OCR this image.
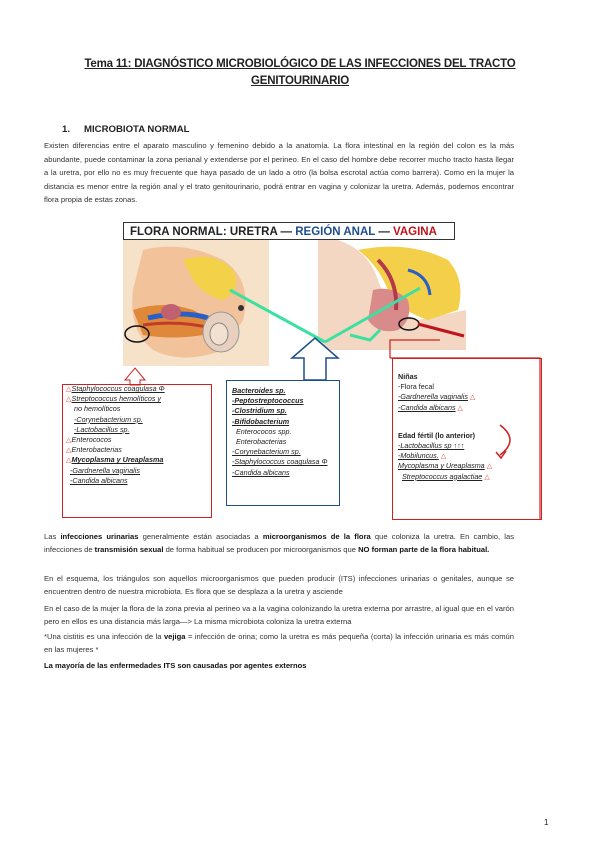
Tema 11: DIAGNÓSTICO MICROBIOLÓGICO DE LAS INFECCIONES DEL TRACTO
GENITOURINARIO
1. MICROBIOTA NORMAL
Existen diferencias entre el aparato masculino y femenino debido a la anatomía. La flora intestinal en la región del colon es la más abundante, puede contaminar la zona perianal y extenderse por el perineo. En el caso del hombre debe recorrer mucho tracto hasta llegar a la uretra, por ello no es muy frecuente que haya pasado de un lado a otro (la bolsa escrotal actúa como barrera). Como en la mujer la distancia es menor entre la región anal y el trato genitourinario, podrá entrar en vagina y colonizar la uretra. Además, podemos encontrar flora propia de estas zonas.
FLORA NORMAL: URETRA — REGIÓN ANAL — VAGINA
△Staphylococcus coagulasa Φ
△Streptococcus hemolíticos y
no hemolíticos
-Corynebacterium sp.
-Lactobacillus sp.
△Enterococos
△Enterobacterias
△Mycoplasma y Ureaplasma
-Gardnerella vaginalis
-Candida albicans
Bacteroides sp.
-Peptostreptococcus
-Clostridium sp.
-Bifidobacterium
Enterococos spp.
Enterobacterias
-Corynebacterium sp.
-Staphylococcus coagulasa Φ
-Candida albicans
Niñas
-Flora fecal
-Gardnerella vaginalis △
-Candida albicans △
Edad fértil (lo anterior)
-Lactobacillus sp ↑↑↑
-Mobiluncus. △
Mycoplasma y Ureaplasma △
Streptococcus agalactiae △
Las infecciones urinarias generalmente están asociadas a microorganismos de la flora que coloniza la uretra. En cambio, las infecciones de transmisión sexual de forma habitual se producen por microorganismos que NO forman parte de la flora habitual.
En el esquema, los triángulos son aquellos microorganismos que pueden producir (ITS) infecciones urinarias o genitales, aunque se encuentren dentro de nuestra microbiota. Es flora que se desplaza a la uretra y asciende
En el caso de la mujer la flora de la zona previa al perineo va a la vagina colonizando la uretra externa por arrastre, al igual que en el varón pero en ellos es una distancia más larga—> La misma microbiota coloniza la uretra externa
*Una cistitis es una infección de la vejiga = infección de orina; como la uretra es más pequeña (corta) la infección urinaria es más común en las mujeres *
La mayoría de las enfermedades ITS son causadas por agentes externos
1
